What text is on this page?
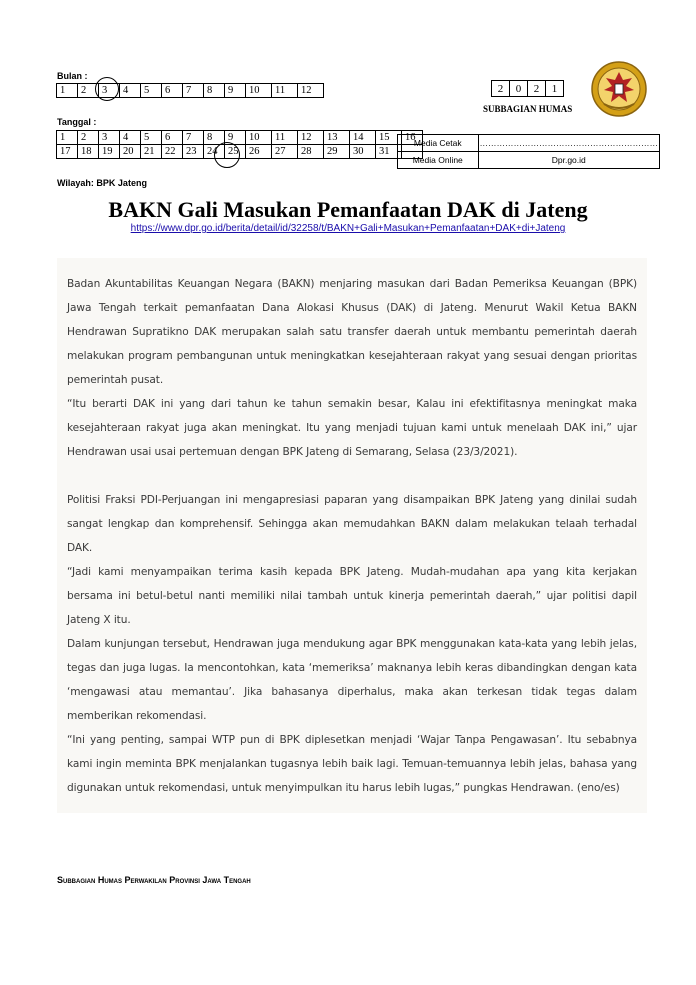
Bulan :
1	2	3	4	5	6	7	8	9	10	11	12
Tanggal :
1	2	3	4	5	6	7	8	9	10	11	12	13	14	15	16
17	18	19	20	21	22	23	24	25	26	27	28	29	30	31	
2	0	2	1
SUBBAGIAN HUMAS
Media Cetak	………………………………………………………
Media Online	Dpr.go.id
Wilayah: BPK Jateng
BAKN Gali Masukan Pemanfaatan DAK di Jateng
https://www.dpr.go.id/berita/detail/id/32258/t/BAKN+Gali+Masukan+Pemanfaatan+DAK+di+Jateng
Badan Akuntabilitas Keuangan Negara (BAKN) menjaring masukan dari Badan Pemeriksa Keuangan (BPK) Jawa Tengah terkait pemanfaatan Dana Alokasi Khusus (DAK) di Jateng. Menurut Wakil Ketua BAKN Hendrawan Supratikno DAK merupakan salah satu transfer daerah untuk membantu pemerintah daerah melakukan program pembangunan untuk meningkatkan kesejahteraan rakyat yang sesuai dengan prioritas pemerintah pusat.
“Itu berarti DAK ini yang dari tahun ke tahun semakin besar, Kalau ini efektifitasnya meningkat maka kesejahteraan rakyat juga akan meningkat. Itu yang menjadi tujuan kami untuk menelaah DAK ini,” ujar Hendrawan usai usai pertemuan dengan BPK Jateng di Semarang, Selasa (23/3/2021).
Politisi Fraksi PDI-Perjuangan ini mengapresiasi paparan yang disampaikan BPK Jateng yang dinilai sudah sangat lengkap dan komprehensif. Sehingga akan memudahkan BAKN dalam melakukan telaah terhadal DAK.
“Jadi kami menyampaikan terima kasih kepada BPK Jateng. Mudah-mudahan apa yang kita kerjakan bersama ini betul-betul nanti memiliki nilai tambah untuk kinerja pemerintah daerah,” ujar politisi dapil Jateng X itu.
Dalam kunjungan tersebut, Hendrawan juga mendukung agar BPK menggunakan kata-kata yang lebih jelas, tegas dan juga lugas. Ia mencontohkan, kata ‘memeriksa’ maknanya lebih keras dibandingkan dengan kata ‘mengawasi atau memantau’. Jika bahasanya diperhalus, maka akan terkesan tidak tegas dalam memberikan rekomendasi.
“Ini yang penting, sampai WTP pun di BPK diplesetkan menjadi ‘Wajar Tanpa Pengawasan’. Itu sebabnya kami ingin meminta BPK menjalankan tugasnya lebih baik lagi. Temuan-temuannya lebih jelas, bahasa yang digunakan untuk rekomendasi, untuk menyimpulkan itu harus lebih lugas,” pungkas Hendrawan. (eno/es)
Subbagian Humas Perwakilan Provinsi Jawa Tengah
